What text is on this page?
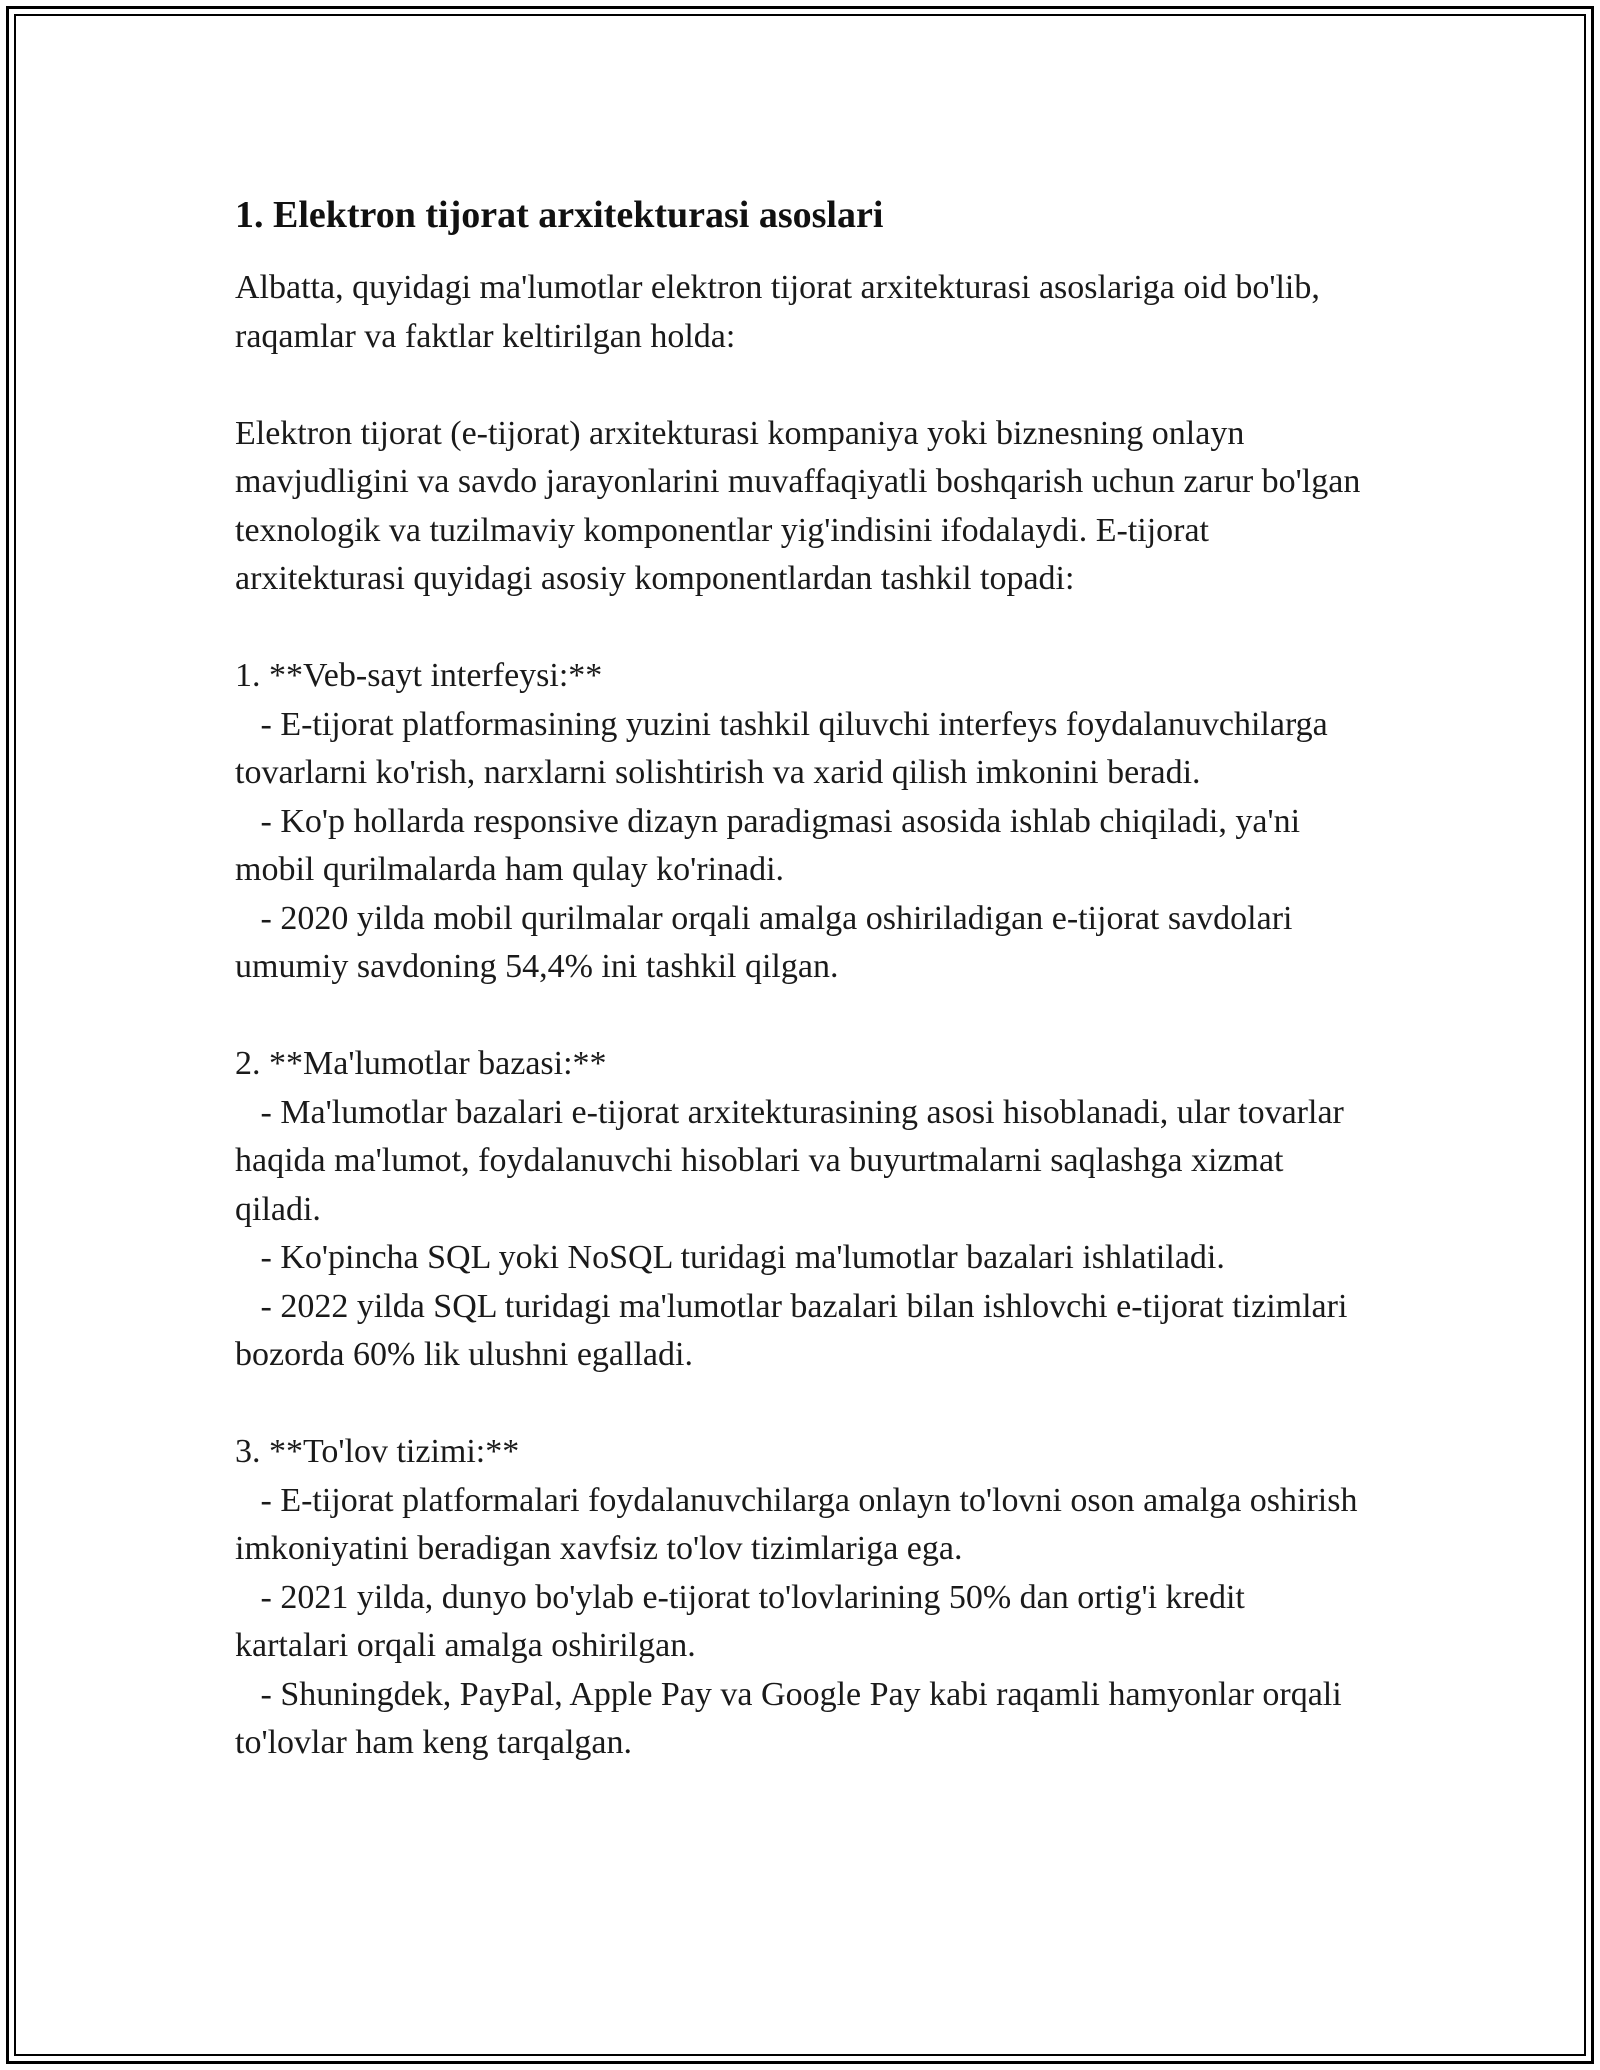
1. Elektron tijorat arxitekturasi asoslari

Albatta, quyidagi ma'lumotlar elektron tijorat arxitekturasi asoslariga oid bo'lib, raqamlar va faktlar keltirilgan holda:

Elektron tijorat (e-tijorat) arxitekturasi kompaniya yoki biznesning onlayn mavjudligini va savdo jarayonlarini muvaffaqiyatli boshqarish uchun zarur bo'lgan texnologik va tuzilmaviy komponentlar yig'indisini ifodalaydi. E-tijorat arxitekturasi quyidagi asosiy komponentlardan tashkil topadi:

1. **Veb-sayt interfeysi:**

- E-tijorat platformasining yuzini tashkil qiluvchi interfeys foydalanuvchilarga tovarlarni ko'rish, narxlarni solishtirish va xarid qilish imkonini beradi.

- Ko'p hollarda responsive dizayn paradigmasi asosida ishlab chiqiladi, ya'ni mobil qurilmalarda ham qulay ko'rinadi.

- 2020 yilda mobil qurilmalar orqali amalga oshiriladigan e-tijorat savdolari umumiy savdoning 54,4% ini tashkil qilgan.

2. **Ma'lumotlar bazasi:**

- Ma'lumotlar bazalari e-tijorat arxitekturasining asosi hisoblanadi, ular tovarlar haqida ma'lumot, foydalanuvchi hisoblari va buyurtmalarni saqlashga xizmat qiladi.

- Ko'pincha SQL yoki NoSQL turidagi ma'lumotlar bazalari ishlatiladi.

- 2022 yilda SQL turidagi ma'lumotlar bazalari bilan ishlovchi e-tijorat tizimlari bozorda 60% lik ulushni egalladi.

3. **To'lov tizimi:**

- E-tijorat platformalari foydalanuvchilarga onlayn to'lovni oson amalga oshirish imkoniyatini beradigan xavfsiz to'lov tizimlariga ega.

- 2021 yilda, dunyo bo'ylab e-tijorat to'lovlarining 50% dan ortig'i kredit kartalari orqali amalga oshirilgan.

- Shuningdek, PayPal, Apple Pay va Google Pay kabi raqamli hamyonlar orqali to'lovlar ham keng tarqalgan.
